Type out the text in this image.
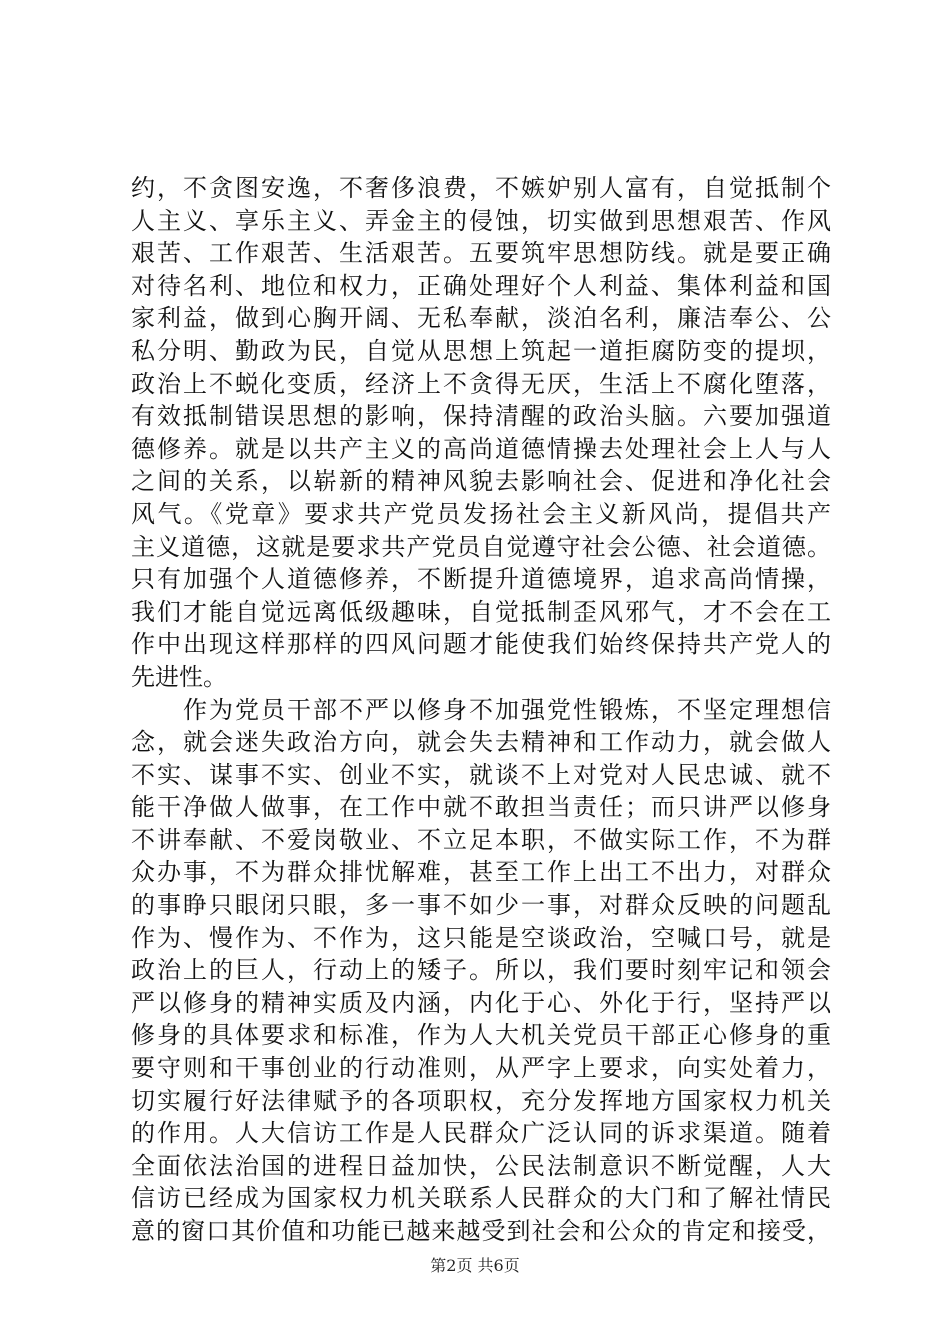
约，不贪图安逸，不奢侈浪费，不嫉妒别人富有，自觉抵制个
人主义、享乐主义、弄金主的侵蚀，切实做到思想艰苦、作风
艰苦、工作艰苦、生活艰苦。五要筑牢思想防线。就是要正确
对待名利、地位和权力，正确处理好个人利益、集体利益和国
家利益，做到心胸开阔、无私奉献，淡泊名利，廉洁奉公、公
私分明、勤政为民，自觉从思想上筑起一道拒腐防变的提坝，
政治上不蜕化变质，经济上不贪得无厌，生活上不腐化堕落，
有效抵制错误思想的影响，保持清醒的政治头脑。六要加强道
德修养。就是以共产主义的高尚道德情操去处理社会上人与人
之间的关系，以崭新的精神风貌去影响社会、促进和净化社会
风气。《党章》要求共产党员发扬社会主义新风尚，提倡共产
主义道德，这就是要求共产党员自觉遵守社会公德、社会道德。
只有加强个人道德修养，不断提升道德境界，追求高尚情操，
我们才能自觉远离低级趣味，自觉抵制歪风邪气，才不会在工
作中出现这样那样的四风问题才能使我们始终保持共产党人的
先进性。
作为党员干部不严以修身不加强党性锻炼，不坚定理想信
念，就会迷失政治方向，就会失去精神和工作动力，就会做人
不实、谋事不实、创业不实，就谈不上对党对人民忠诚、就不
能干净做人做事，在工作中就不敢担当责任；而只讲严以修身
不讲奉献、不爱岗敬业、不立足本职，不做实际工作，不为群
众办事，不为群众排忧解难，甚至工作上出工不出力，对群众
的事睁只眼闭只眼，多一事不如少一事，对群众反映的问题乱
作为、慢作为、不作为，这只能是空谈政治，空喊口号，就是
政治上的巨人，行动上的矮子。所以，我们要时刻牢记和领会
严以修身的精神实质及内涵，内化于心、外化于行，坚持严以
修身的具体要求和标准，作为人大机关党员干部正心修身的重
要守则和干事创业的行动准则，从严字上要求，向实处着力，
切实履行好法律赋予的各项职权，充分发挥地方国家权力机关
的作用。人大信访工作是人民群众广泛认同的诉求渠道。随着
全面依法治国的进程日益加快，公民法制意识不断觉醒，人大
信访已经成为国家权力机关联系人民群众的大门和了解社情民
意的窗口其价值和功能已越来越受到社会和公众的肯定和接受，
第2页 共6页
